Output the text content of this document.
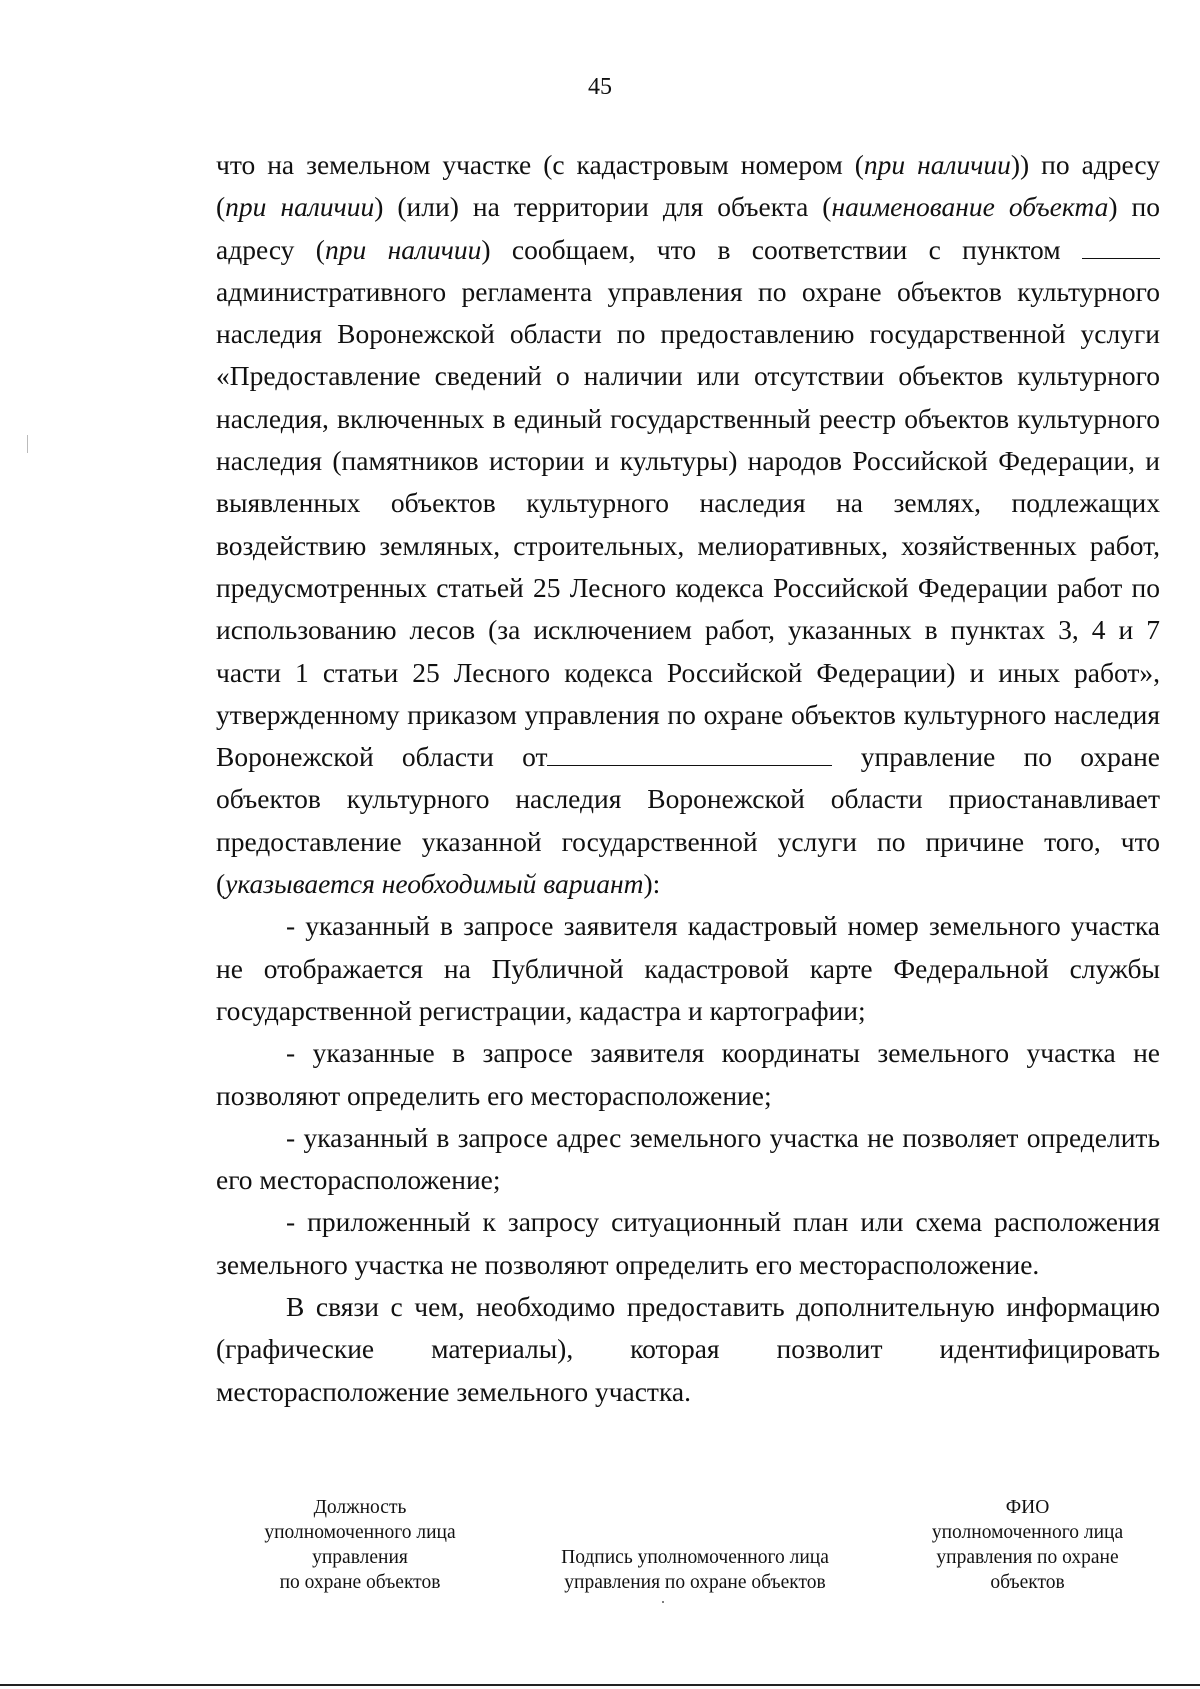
45

что на земельном участке (с кадастровым номером (при наличии)) по адресу (при наличии) (или) на территории для объекта (наименование объекта) по адресу (при наличии) сообщаем, что в соответствии с пунктом административного регламента управления по охране объектов культурного наследия Воронежской области по предоставлению государственной услуги «Предоставление сведений о наличии или отсутствии объектов культурного наследия, включенных в единый государственный реестр объектов культурного наследия (памятников истории и культуры) народов Российской Федерации, и выявленных объектов культурного наследия на землях, подлежащих воздействию земляных, строительных, мелиоративных, хозяйственных работ, предусмотренных статьей 25 Лесного кодекса Российской Федерации работ по использованию лесов (за исключением работ, указанных в пунктах 3, 4 и 7 части 1 статьи 25 Лесного кодекса Российской Федерации) и иных работ», утвержденному приказом управления по охране объектов культурного наследия Воронежской области от	управление по охране объектов культурного наследия Воронежской области приостанавливает предоставление указанной государственной услуги по причине того, что (указывается необходимый вариант):

- указанный в запросе заявителя кадастровый номер земельного участка не отображается на Публичной кадастровой карте Федеральной службы государственной регистрации, кадастра и картографии;

- указанные в запросе заявителя координаты земельного участка не позволяют определить его месторасположение;

- указанный в запросе адрес земельного участка не позволяет определить его месторасположение;

- приложенный к запросу ситуационный план или схема расположения земельного участка не позволяют определить его месторасположение.

В связи с чем, необходимо предоставить дополнительную информацию (графические материалы), которая позволит идентифицировать месторасположение земельного участка.

Должность
уполномоченного лица
управления
по охране объектов
Подпись уполномоченного лица
управления по охране объектов
ФИО
уполномоченного лица
управления по охране
объектов
